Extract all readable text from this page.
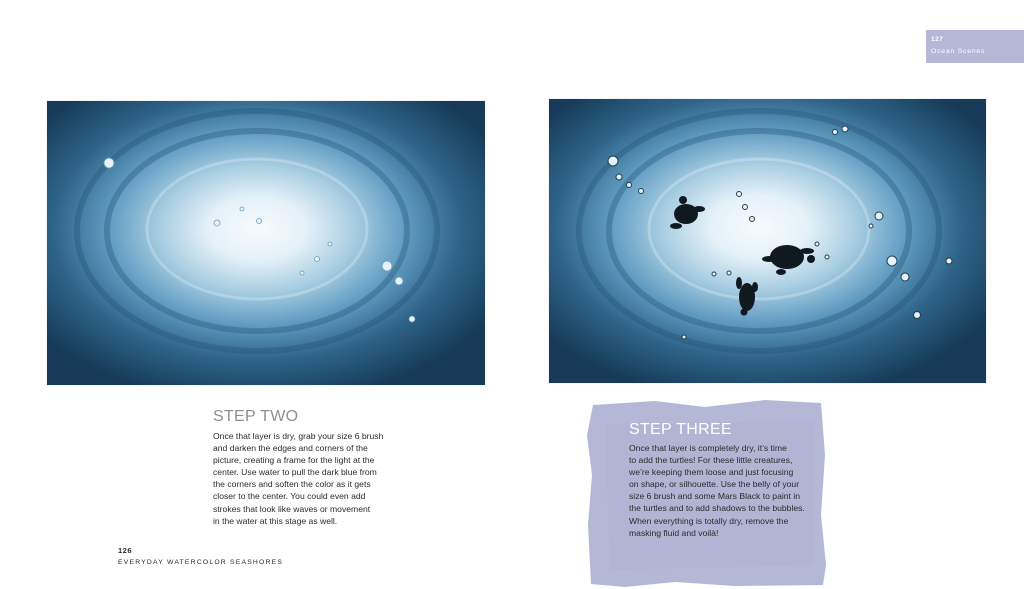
STEP TWO
Once that layer is dry, grab your size 6 brush
and darken the edges and corners of the
picture, creating a frame for the light at the
center. Use water to pull the dark blue from
the corners and soften the color as it gets
closer to the center. You could even add
strokes that look like waves or movement
in the water at this stage as well.
126
EVERYDAY WATERCOLOR SEASHORES
127
Ocean Scenes
STEP THREE
Once that layer is completely dry, it’s time
to add the turtles! For these little creatures,
we’re keeping them loose and just focusing
on shape, or silhouette. Use the belly of your
size 6 brush and some Mars Black to paint in
the turtles and to add shadows to the bubbles.
When everything is totally dry, remove the
masking fluid and voilà!
